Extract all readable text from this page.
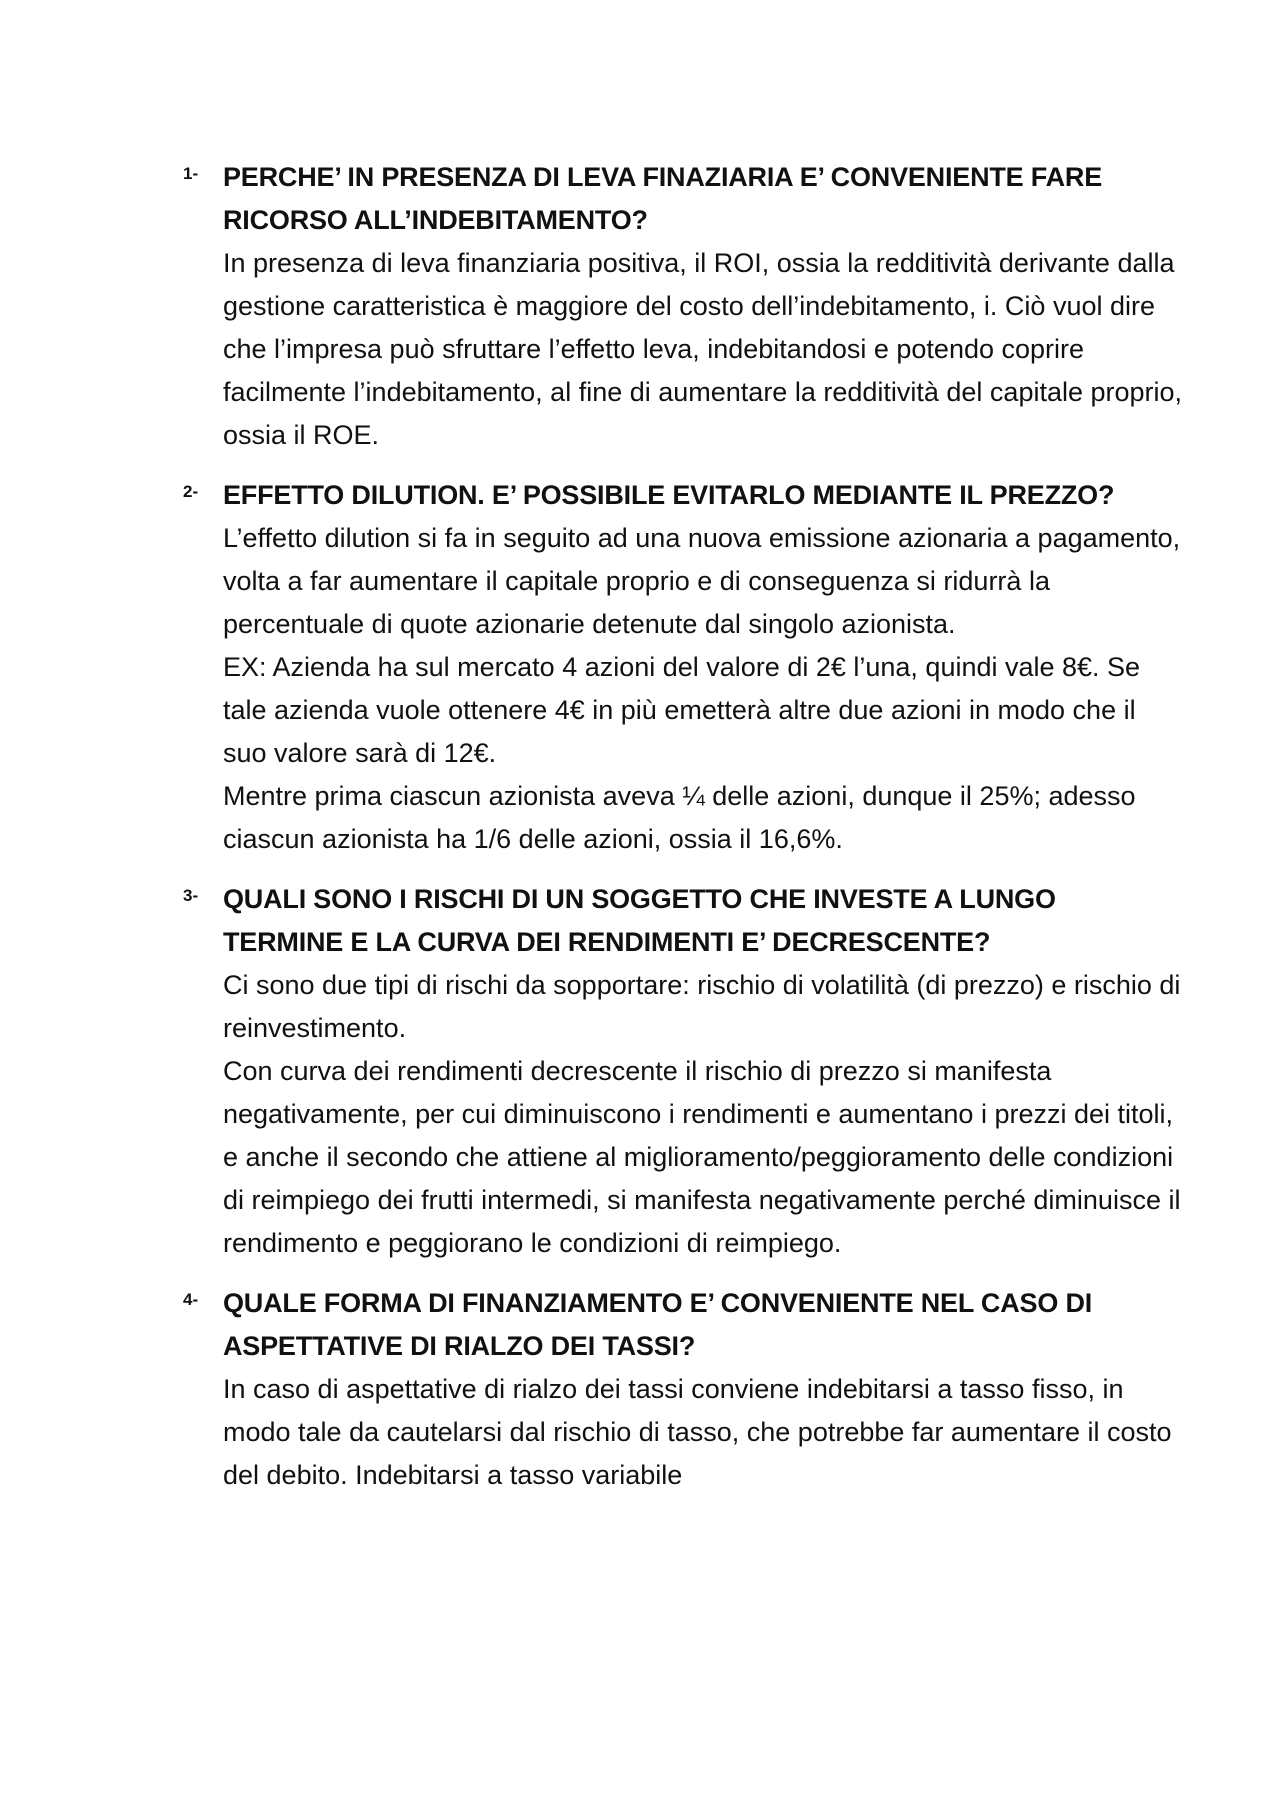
1- PERCHE’ IN PRESENZA DI LEVA FINAZIARIA E’ CONVENIENTE FARE RICORSO ALL’INDEBITAMENTO?

In presenza di leva finanziaria positiva, il ROI, ossia la redditività derivante dalla gestione caratteristica è maggiore del costo dell’indebitamento, i. Ciò vuol dire che l’impresa può sfruttare l’effetto leva, indebitandosi e potendo coprire facilmente l’indebitamento, al fine di aumentare la redditività del capitale proprio, ossia il ROE.

2- EFFETTO DILUTION. E’ POSSIBILE EVITARLO MEDIANTE IL PREZZO?

L’effetto dilution si fa in seguito ad una nuova emissione azionaria a pagamento, volta a far aumentare il capitale proprio e di conseguenza si ridurrà la percentuale di quote azionarie detenute dal singolo azionista.

EX: Azienda ha sul mercato 4 azioni del valore di 2€ l’una, quindi vale 8€. Se tale azienda vuole ottenere 4€ in più emetterà altre due azioni in modo che il suo valore sarà di 12€.

Mentre prima ciascun azionista aveva ¼ delle azioni, dunque il 25%; adesso ciascun azionista ha 1/6 delle azioni, ossia il 16,6%.

3- QUALI SONO I RISCHI DI UN SOGGETTO CHE INVESTE A LUNGO TERMINE E LA CURVA DEI RENDIMENTI E’ DECRESCENTE?

Ci sono due tipi di rischi da sopportare: rischio di volatilità (di prezzo) e rischio di reinvestimento.

Con curva dei rendimenti decrescente il rischio di prezzo si manifesta negativamente, per cui diminuiscono i rendimenti e aumentano i prezzi dei titoli, e anche il secondo che attiene al miglioramento/peggioramento delle condizioni di reimpiego dei frutti intermedi, si manifesta negativamente perché diminuisce il rendimento e peggiorano le condizioni di reimpiego.

4- QUALE FORMA DI FINANZIAMENTO E’ CONVENIENTE NEL CASO DI ASPETTATIVE DI RIALZO DEI TASSI?

In caso di aspettative di rialzo dei tassi conviene indebitarsi a tasso fisso, in modo tale da cautelarsi dal rischio di tasso, che potrebbe far aumentare il costo del debito. Indebitarsi a tasso variabile
